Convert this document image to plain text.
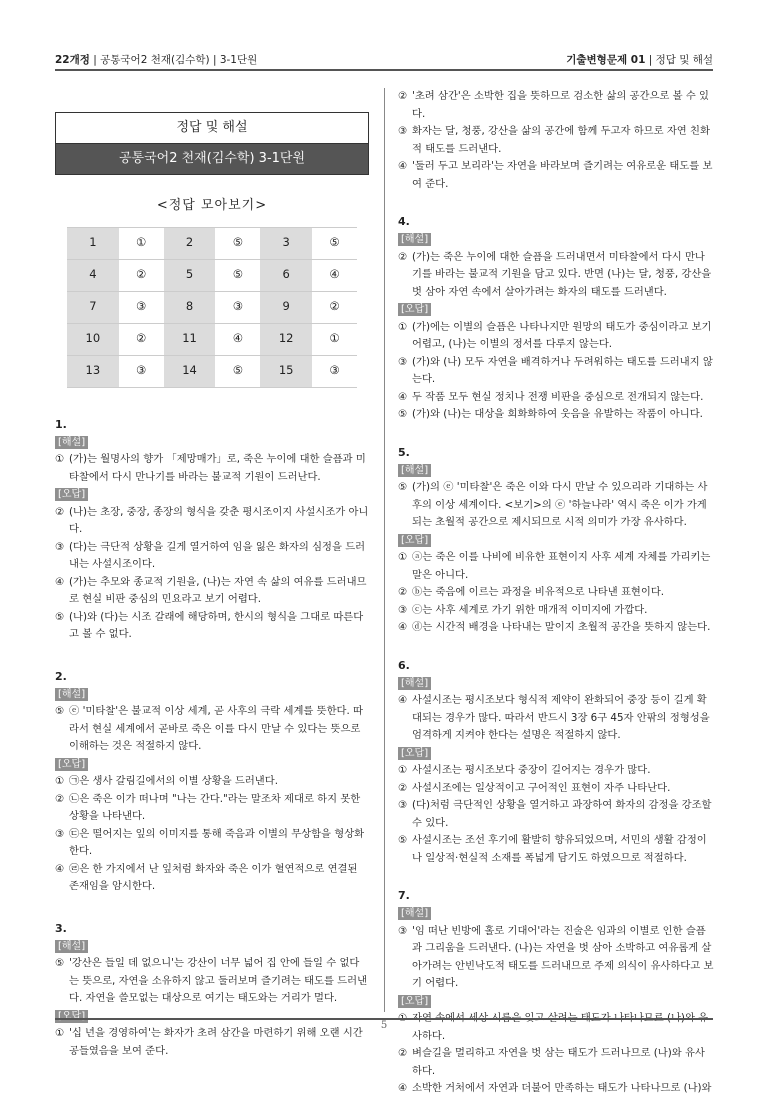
22개정 | 공통국어2 천재(김수학) | 3-1단원	기출변형문제 01 | 정답 및 해설
정답 및 해설
공통국어2 천재(김수학) 3-1단원
<정답 모아보기>
1	①	2	⑤	3	⑤
4	②	5	⑤	6	④
7	③	8	③	9	②
10	②	11	④	12	①
13	③	14	⑤	15	③
1.
[해설]
① (가)는 월명사의 향가 「제망매가」로, 죽은 누이에 대한 슬픔과 미타찰에서 다시 만나기를 바라는 불교적 기원이 드러난다.
[오답]
② (나)는 초장, 중장, 종장의 형식을 갖춘 평시조이지 사설시조가 아니다.
③ (다)는 극단적 상황을 길게 열거하여 임을 잃은 화자의 심정을 드러내는 사설시조이다.
④ (가)는 추모와 종교적 기원을, (나)는 자연 속 삶의 여유를 드러내므로 현실 비판 중심의 민요라고 보기 어렵다.
⑤ (나)와 (다)는 시조 갈래에 해당하며, 한시의 형식을 그대로 따른다고 볼 수 없다.
2.
[해설]
⑤ ⓔ '미타찰'은 불교적 이상 세계, 곧 사후의 극락 세계를 뜻한다. 따라서 현실 세계에서 곧바로 죽은 이를 다시 만날 수 있다는 뜻으로 이해하는 것은 적절하지 않다.
[오답]
① ㉠은 생사 갈림길에서의 이별 상황을 드러낸다.
② ㉡은 죽은 이가 떠나며 "나는 간다."라는 말조차 제대로 하지 못한 상황을 나타낸다.
③ ㉢은 떨어지는 잎의 이미지를 통해 죽음과 이별의 무상함을 형상화한다.
④ ㉣은 한 가지에서 난 잎처럼 화자와 죽은 이가 혈연적으로 연결된 존재임을 암시한다.
3.
[해설]
⑤ '강산은 들일 데 없으니'는 강산이 너무 넓어 집 안에 들일 수 없다는 뜻으로, 자연을 소유하지 않고 둘러보며 즐기려는 태도를 드러낸다. 자연을 쓸모없는 대상으로 여기는 태도와는 거리가 멀다.
[오답]
① '십 년을 경영하여'는 화자가 초려 삼간을 마련하기 위해 오랜 시간 공들였음을 보여 준다.
② '초려 삼간'은 소박한 집을 뜻하므로 검소한 삶의 공간으로 볼 수 있다.
③ 화자는 달, 청풍, 강산을 삶의 공간에 함께 두고자 하므로 자연 친화적 태도를 드러낸다.
④ '둘러 두고 보리라'는 자연을 바라보며 즐기려는 여유로운 태도를 보여 준다.
4.
[해설]
② (가)는 죽은 누이에 대한 슬픔을 드러내면서 미타찰에서 다시 만나기를 바라는 불교적 기원을 담고 있다. 반면 (나)는 달, 청풍, 강산을 벗 삼아 자연 속에서 살아가려는 화자의 태도를 드러낸다.
[오답]
① (가)에는 이별의 슬픔은 나타나지만 원망의 태도가 중심이라고 보기 어렵고, (나)는 이별의 정서를 다루지 않는다.
③ (가)와 (나) 모두 자연을 배격하거나 두려워하는 태도를 드러내지 않는다.
④ 두 작품 모두 현실 정치나 전쟁 비판을 중심으로 전개되지 않는다.
⑤ (가)와 (나)는 대상을 희화화하여 웃음을 유발하는 작품이 아니다.
5.
[해설]
⑤ (가)의 ⓔ '미타찰'은 죽은 이와 다시 만날 수 있으리라 기대하는 사후의 이상 세계이다. <보기>의 ⓔ '하늘나라' 역시 죽은 이가 가게 되는 초월적 공간으로 제시되므로 시적 의미가 가장 유사하다.
[오답]
① ⓐ는 죽은 이를 나비에 비유한 표현이지 사후 세계 자체를 가리키는 말은 아니다.
② ⓑ는 죽음에 이르는 과정을 비유적으로 나타낸 표현이다.
③ ⓒ는 사후 세계로 가기 위한 매개적 이미지에 가깝다.
④ ⓓ는 시간적 배경을 나타내는 말이지 초월적 공간을 뜻하지 않는다.
6.
[해설]
④ 사설시조는 평시조보다 형식적 제약이 완화되어 중장 등이 길게 확대되는 경우가 많다. 따라서 반드시 3장 6구 45자 안팎의 정형성을 엄격하게 지켜야 한다는 설명은 적절하지 않다.
[오답]
① 사설시조는 평시조보다 중장이 길어지는 경우가 많다.
② 사설시조에는 일상적이고 구어적인 표현이 자주 나타난다.
③ (다)처럼 극단적인 상황을 열거하고 과장하여 화자의 감정을 강조할 수 있다.
⑤ 사설시조는 조선 후기에 활발히 향유되었으며, 서민의 생활 감정이나 일상적·현실적 소재를 폭넓게 담기도 하였으므로 적절하다.
7.
[해설]
③ '임 떠난 빈방에 홀로 기대어'라는 진술은 임과의 이별로 인한 슬픔과 그리움을 드러낸다. (나)는 자연을 벗 삼아 소박하고 여유롭게 살아가려는 안빈낙도적 태도를 드러내므로 주제 의식이 유사하다고 보기 어렵다.
[오답]
① 자연 속에서 세상 시름을 잊고 살려는 태도가 나타나므로 (나)와 유사하다.
② 벼슬길을 멀리하고 자연을 벗 삼는 태도가 드러나므로 (나)와 유사하다.
④ 소박한 거처에서 자연과 더불어 만족하는 태도가 나타나므로 (나)와
5
